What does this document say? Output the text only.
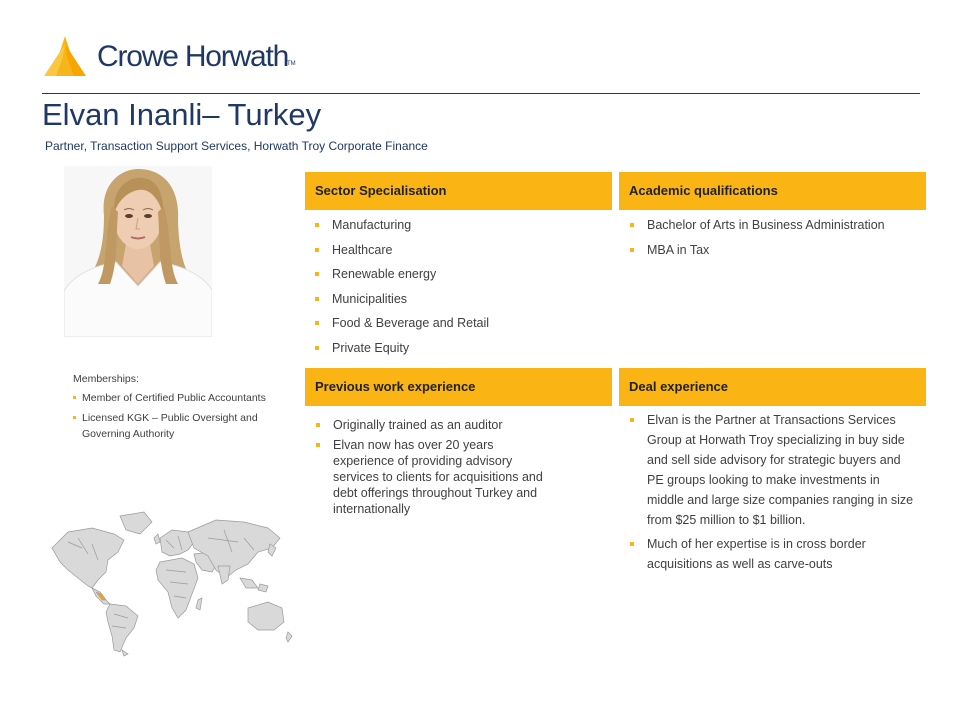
Crowe Horwath
TM
Elvan Inanli– Turkey
Partner, Transaction Support Services, Horwath Troy Corporate Finance
Sector Specialisation
Manufacturing
Healthcare
Renewable energy
Municipalities
Food & Beverage and Retail
Private Equity
Academic qualifications
Bachelor of Arts in Business Administration
MBA in Tax
Previous work experience
Originally trained as an auditor
Elvan now has over 20 years experience of providing advisory services to clients for acquisitions and debt offerings throughout Turkey and internationally
Deal experience
Elvan is the Partner at Transactions Services Group at Horwath Troy specializing in buy side and sell side advisory for strategic buyers and PE groups looking to make investments in middle and large size companies ranging in size from $25 million to $1 billion.
Much of her expertise is in cross border acquisitions as well as carve-outs
Memberships:
Member of Certified Public Accountants
Licensed KGK – Public Oversight and Governing Authority
